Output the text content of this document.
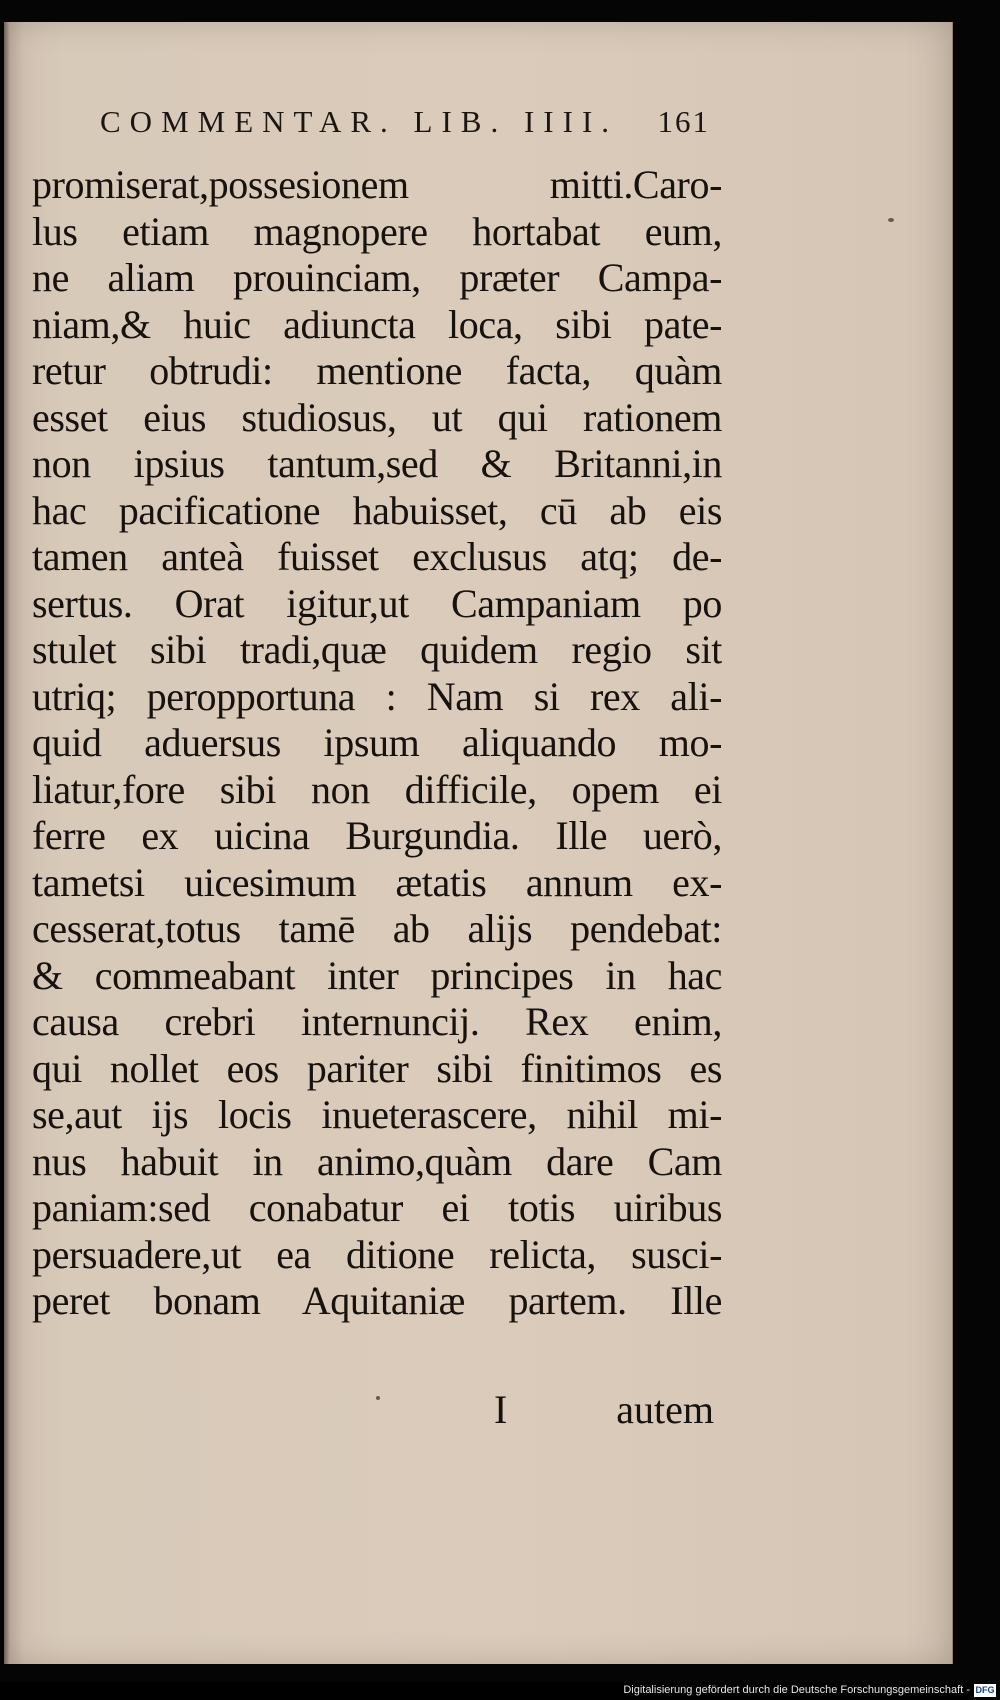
COMMENTAR. LIB. IIII. 161
promiserat,possesionem mitti.Caro-
lus etiam magnopere hortabat eum,
ne aliam prouinciam, præter Campa-
niam,& huic adiuncta loca, sibi pate-
retur obtrudi: mentione facta, quàm
esset eius studiosus, ut qui rationem
non ipsius tantum,sed & Britanni,in
hac pacificatione habuisset, cū ab eis
tamen anteà fuisset exclusus atq; de-
sertus. Orat igitur,ut Campaniam po
stulet sibi tradi,quæ quidem regio sit
utriq; peropportuna : Nam si rex ali-
quid aduersus ipsum aliquando mo-
liatur,fore sibi non difficile, opem ei
ferre ex uicina Burgundia. Ille uerò,
tametsi uicesimum ætatis annum ex-
cesserat,totus tamē ab alijs pendebat:
& commeabant inter principes in hac
causa crebri internuncij. Rex enim,
qui nollet eos pariter sibi finitimos es
se,aut ijs locis inueterascere, nihil mi-
nus habuit in animo,quàm dare Cam
paniam:sed conabatur ei totis uiribus
persuadere,ut ea ditione relicta, susci-
peret bonam Aquitaniæ partem. Ille
I	autem
Digitalisierung gefördert durch die Deutsche Forschungsgemeinschaft - DFG
